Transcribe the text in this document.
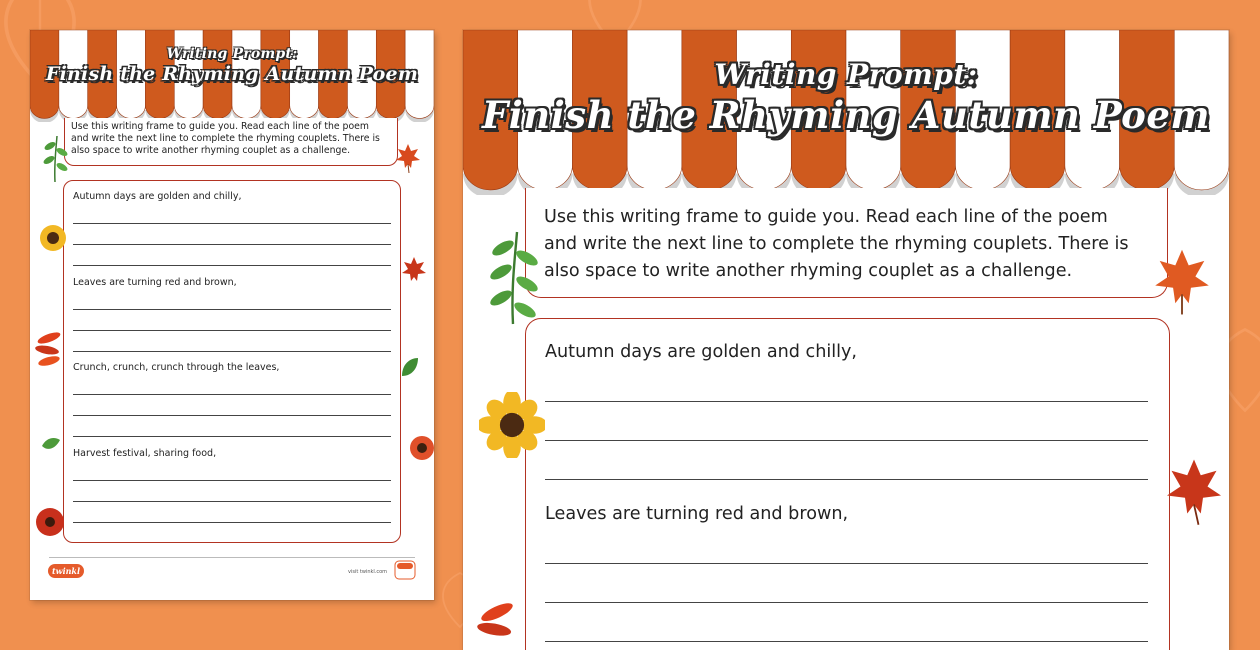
Writing Prompt:
Finish the Rhyming Autumn Poem
Use this writing frame to guide you. Read each line of the poem
and write the next line to complete the rhyming couplets. There is
also space to write another rhyming couplet as a challenge.
Autumn days are golden and chilly,
Leaves are turning red and brown,
Crunch, crunch, crunch through the leaves,
Harvest festival, sharing food,
twinkl	visit twinkl.com
Writing Prompt:
Finish the Rhyming Autumn Poem
Use this writing frame to guide you. Read each line of the poem
and write the next line to complete the rhyming couplets. There is
also space to write another rhyming couplet as a challenge.
Autumn days are golden and chilly,
Leaves are turning red and brown,
